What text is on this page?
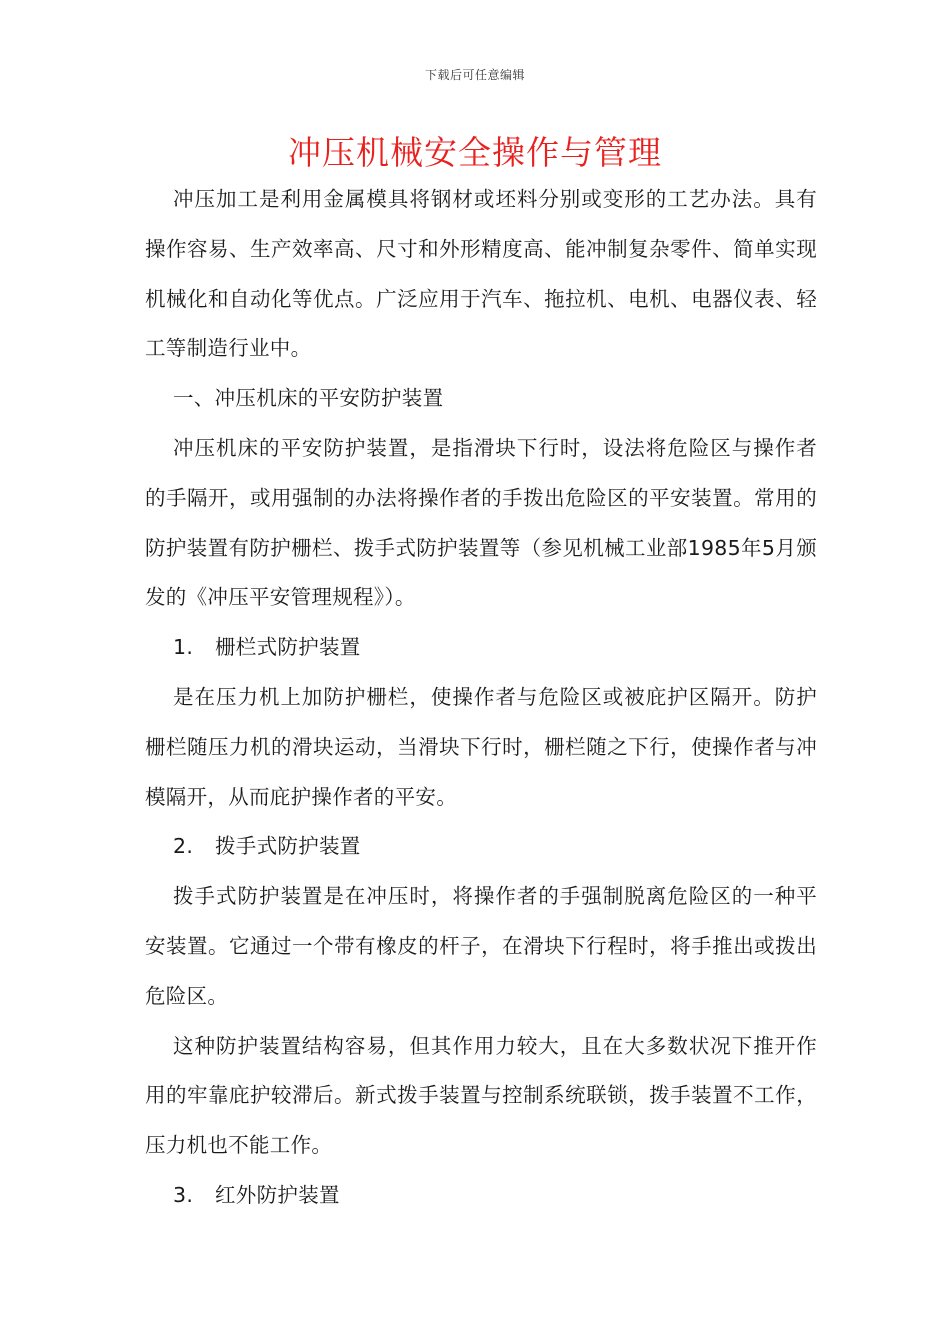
下载后可任意编辑
冲压机械安全操作与管理

冲压加工是利用金属模具将钢材或坯料分别或变形的工艺办法。具有操作容易、生产效率高、尺寸和外形精度高、能冲制复杂零件、简单实现机械化和自动化等优点。广泛应用于汽车、拖拉机、电机、电器仪表、轻工等制造行业中。

一、冲压机床的平安防护装置

冲压机床的平安防护装置，是指滑块下行时，设法将危险区与操作者的手隔开，或用强制的办法将操作者的手拨出危险区的平安装置。常用的防护装置有防护栅栏、拨手式防护装置等（参见机械工业部1985年5月颁发的《冲压平安管理规程》）。

1. 栅栏式防护装置

是在压力机上加防护栅栏，使操作者与危险区或被庇护区隔开。防护栅栏随压力机的滑块运动，当滑块下行时，栅栏随之下行，使操作者与冲模隔开，从而庇护操作者的平安。

2. 拨手式防护装置

拨手式防护装置是在冲压时，将操作者的手强制脱离危险区的一种平安装置。它通过一个带有橡皮的杆子，在滑块下行程时，将手推出或拨出危险区。

这种防护装置结构容易，但其作用力较大，且在大多数状况下推开作用的牢靠庇护较滞后。新式拨手装置与控制系统联锁，拨手装置不工作，压力机也不能工作。

3. 红外防护装置
